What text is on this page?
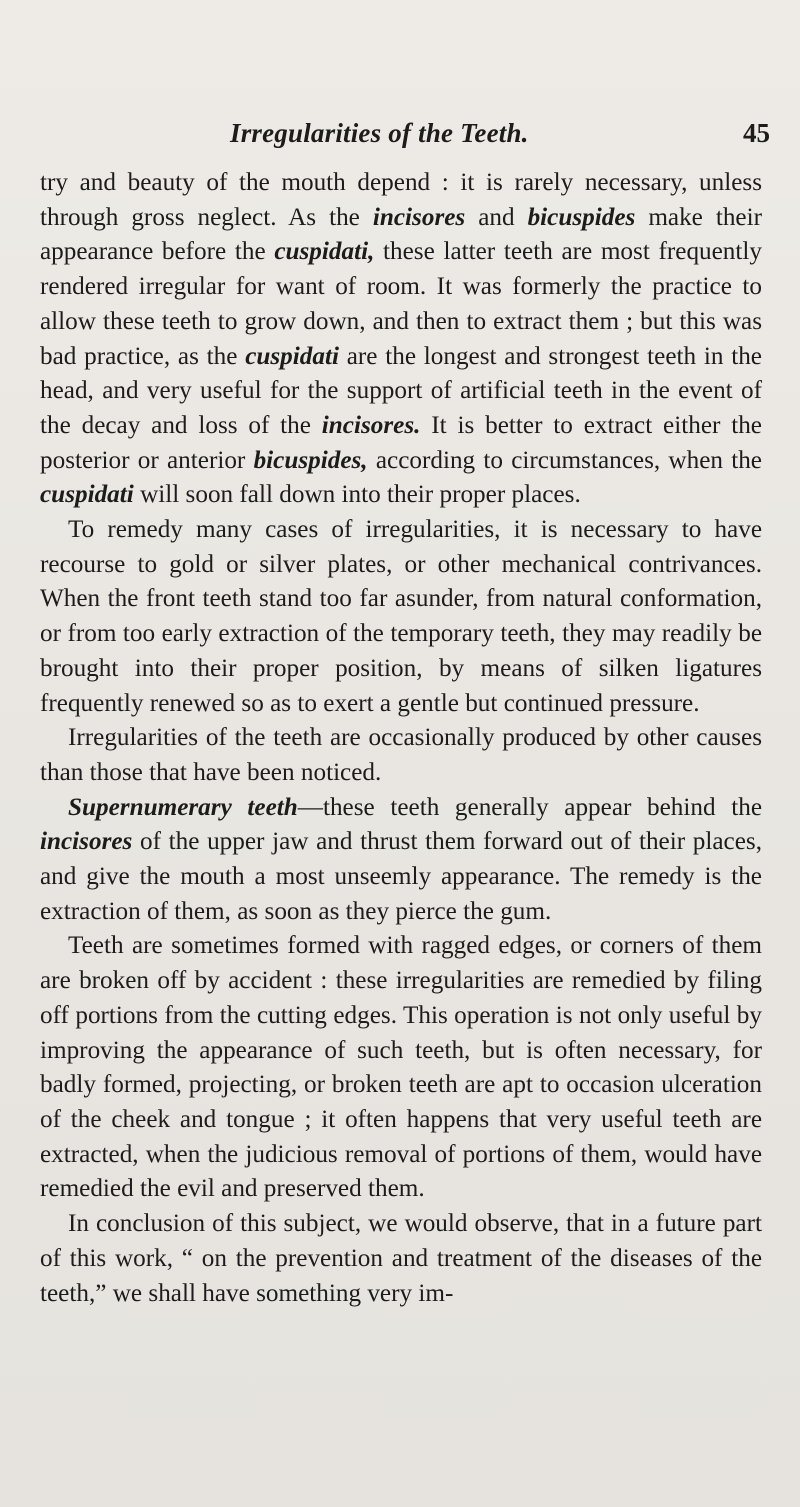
Irregularities of the Teeth.	45

try and beauty of the mouth depend : it is rarely necessary, unless through gross neglect. As the incisores and bicuspides make their appearance before the cuspidati, these latter teeth are most frequently rendered irregular for want of room. It was formerly the practice to allow these teeth to grow down, and then to extract them ; but this was bad practice, as the cuspidati are the longest and strongest teeth in the head, and very useful for the support of artificial teeth in the event of the decay and loss of the incisores. It is better to extract either the posterior or anterior bicuspides, according to circumstances, when the cuspidati will soon fall down into their proper places.

To remedy many cases of irregularities, it is necessary to have recourse to gold or silver plates, or other mechanical contrivances. When the front teeth stand too far asunder, from natural conformation, or from too early extraction of the temporary teeth, they may readily be brought into their proper position, by means of silken ligatures frequently renewed so as to exert a gentle but continued pressure.

Irregularities of the teeth are occasionally produced by other causes than those that have been noticed.

Supernumerary teeth—these teeth generally appear behind the incisores of the upper jaw and thrust them forward out of their places, and give the mouth a most unseemly appearance. The remedy is the extraction of them, as soon as they pierce the gum.

Teeth are sometimes formed with ragged edges, or corners of them are broken off by accident : these irregularities are remedied by filing off portions from the cutting edges. This operation is not only useful by improving the appearance of such teeth, but is often necessary, for badly formed, projecting, or broken teeth are apt to occasion ulceration of the cheek and tongue ; it often happens that very useful teeth are extracted, when the judicious removal of portions of them, would have remedied the evil and preserved them.

In conclusion of this subject, we would observe, that in a future part of this work, “ on the prevention and treatment of the diseases of the teeth,” we shall have something very im-
